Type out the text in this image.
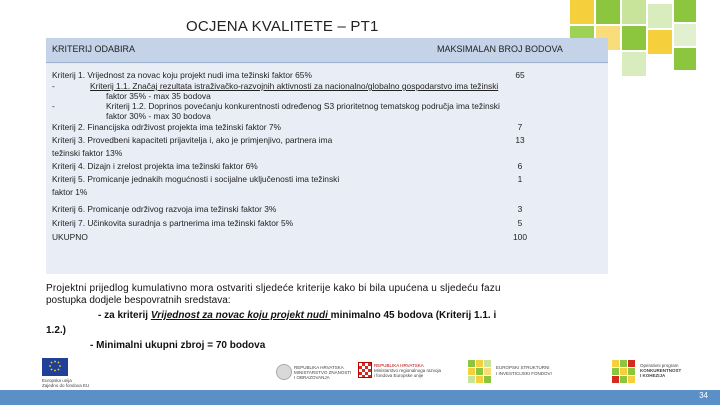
OCJENA KVALITETE – PT1
KRITERIJ ODABIRA	MAKSIMALAN BROJ BODOVA
Kriterij 1. Vrijednost za novac koju projekt nudi ima težinski faktor 65%	65
-	Kriterij 1.1. Značaj rezultata istraživačko-razvojnih aktivnosti za nacionalno/globalno gospodarstvo ima težinski
faktor 35% - max 35 bodova
-	Kriterij 1.2. Doprinos povećanju konkurentnosti određenog S3 prioritetnog tematskog područja ima težinski
faktor 30% - max 30 bodova
Kriterij 2. Financijska održivost projekta ima težinski faktor 7%	7
Kriterij 3. Provedbeni kapaciteti prijavitelja i, ako je primjenjivo, partnera ima	13
težinski faktor 13%
Kriterij 4. Dizajn i zrelost projekta ima težinski faktor 6%	6
Kriterij 5. Promicanje jednakih mogućnosti i socijalne uključenosti ima težinski	1
faktor 1%
Kriterij 6. Promicanje održivog razvoja ima težinski faktor 3%	3
Kriterij 7. Učinkovita suradnja s partnerima ima težinski faktor 5%	5
UKUPNO	100
Projektni prijedlog kumulativno mora ostvariti sljedeće kriterije kako bi bila upućena u sljedeću fazu
postupka dodjele bespovratnih sredstava:
- za kriterij Vrijednost za novac koju projekt nudi minimalno 45 bodova (Kriterij 1.1. i
1.2.)
- Minimalni ukupni zbroj = 70 bodova
Europska unija
Zajedno do fondova EU
REPUBLIKA HRVATSKA
MINISTARSTVO ZNANOSTI
I OBRAZOVANJA
REPUBLIKA HRVATSKA
Ministarstvo regionalnoga razvoja
i fondova Europske unije
EUROPSKI STRUKTURNI
I INVESTICIJSKI FONDOVI
Operativni program
KONKURENTNOST
I KOHEZIJA
34
